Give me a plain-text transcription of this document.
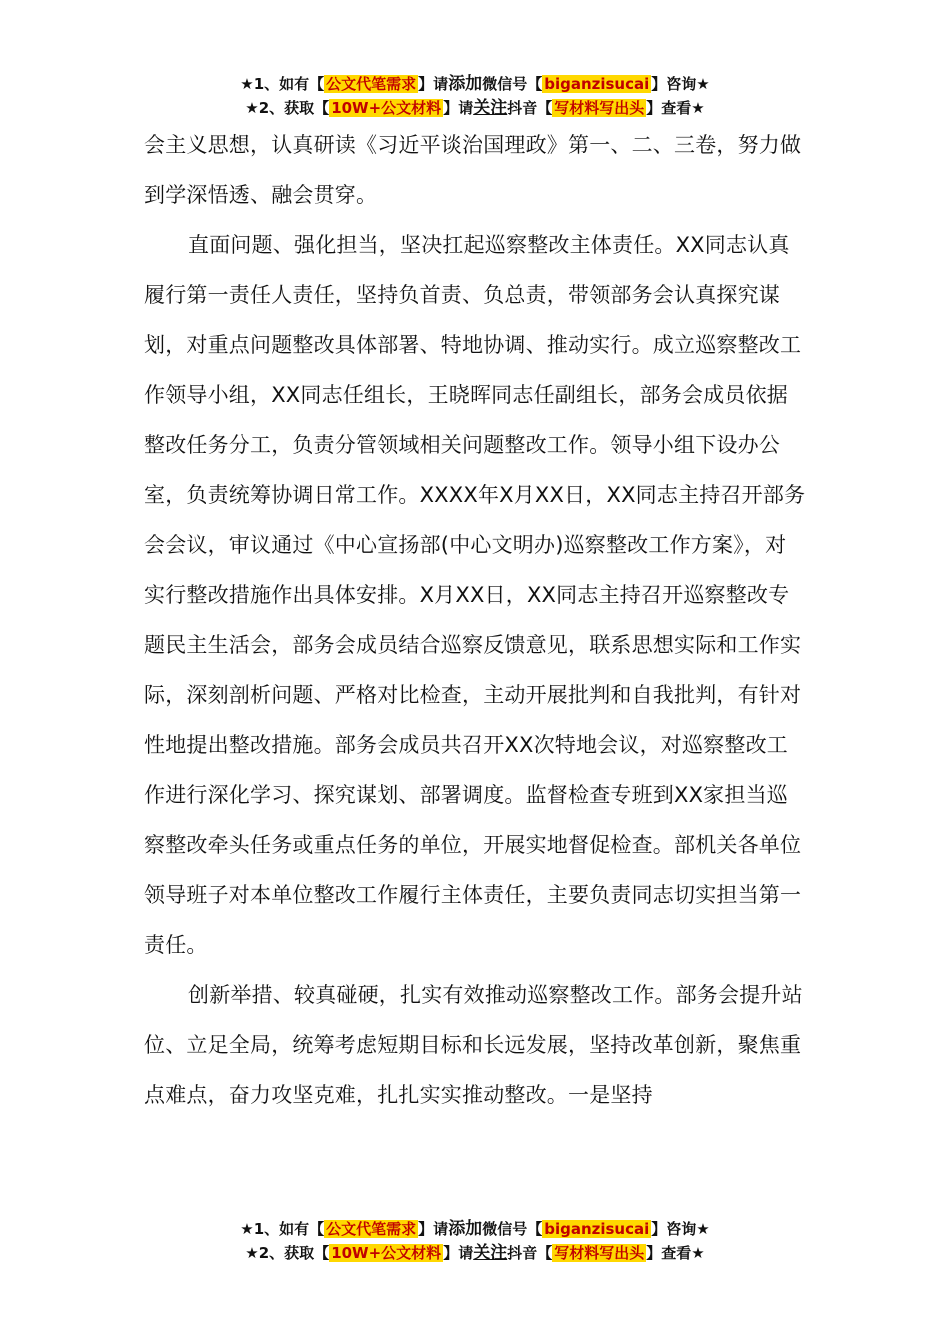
★1、如有【 公文代笔需求 】请添加微信号【 biganzisucai 】咨询★
★2、获取【 10W+公文材料 】请关注抖音【 写材料写出头 】查看★

会主义思想，认真研读《习近平谈治国理政》第一、二、三卷，努力做到学深悟透、融会贯穿。

直面问题、强化担当，坚决扛起巡察整改主体责任。XX同志认真履行第一责任人责任，坚持负首责、负总责，带领部务会认真探究谋划，对重点问题整改具体部署、特地协调、推动实行。成立巡察整改工作领导小组，XX同志任组长，王晓晖同志任副组长，部务会成员依据整改任务分工，负责分管领域相关问题整改工作。领导小组下设办公室，负责统筹协调日常工作。XXXX年X月XX日，XX同志主持召开部务会会议，审议通过《中心宣扬部(中心文明办)巡察整改工作方案》，对实行整改措施作出具体安排。X月XX日，XX同志主持召开巡察整改专题民主生活会，部务会成员结合巡察反馈意见，联系思想实际和工作实际，深刻剖析问题、严格对比检查，主动开展批判和自我批判，有针对性地提出整改措施。部务会成员共召开XX次特地会议，对巡察整改工作进行深化学习、探究谋划、部署调度。监督检查专班到XX家担当巡察整改牵头任务或重点任务的单位，开展实地督促检查。部机关各单位领导班子对本单位整改工作履行主体责任，主要负责同志切实担当第一责任。

创新举措、较真碰硬，扎实有效推动巡察整改工作。部务会提升站位、立足全局，统筹考虑短期目标和长远发展，坚持改革创新，聚焦重点难点，奋力攻坚克难，扎扎实实推动整改。一是坚持

★1、如有【 公文代笔需求 】请添加微信号【 biganzisucai 】咨询★
★2、获取【 10W+公文材料 】请关注抖音【 写材料写出头 】查看★
